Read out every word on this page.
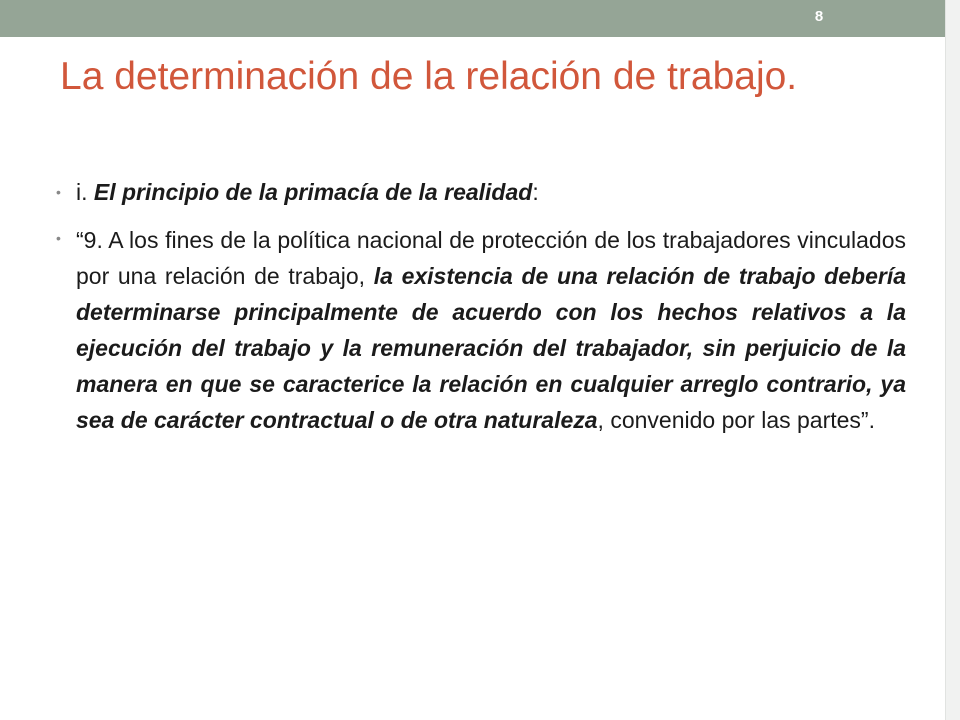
8
La determinación de la relación de trabajo.
• i. El principio de la primacía de la realidad:
• “9. A los fines de la política nacional de protección de los trabajadores vinculados por una relación de trabajo, la existencia de una relación de trabajo debería determinarse principalmente de acuerdo con los hechos relativos a la ejecución del trabajo y la remuneración del trabajador, sin perjuicio de la manera en que se caracterice la relación en cualquier arreglo contrario, ya sea de carácter contractual o de otra naturaleza, convenido por las partes”.
